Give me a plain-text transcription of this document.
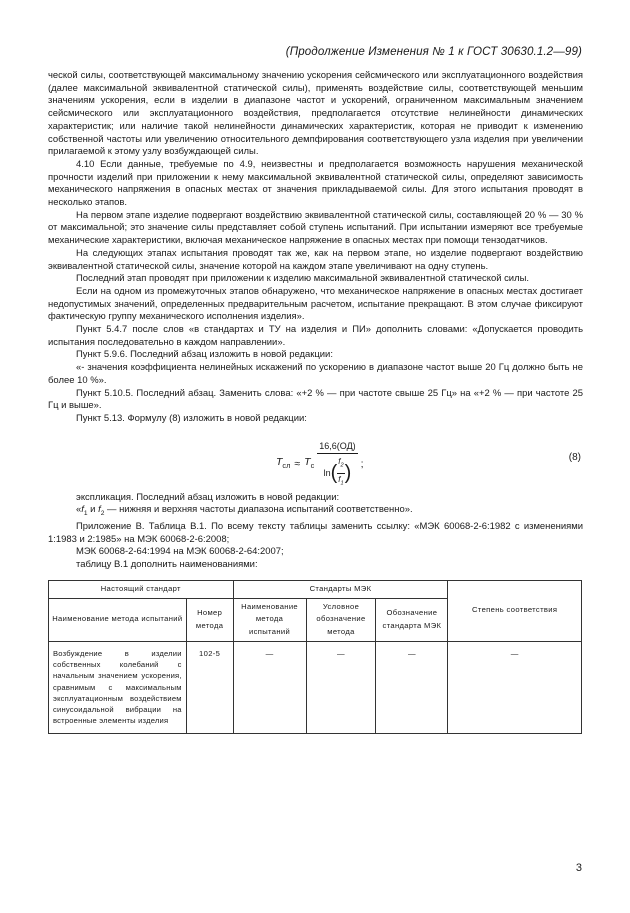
(Продолжение Изменения № 1 к ГОСТ 30630.1.2—99)

ческой силы, соответствующей максимальному значению ускорения сейсмического или эксплуатационного воздействия (далее максимальной эквивалентной статической силы), применять воздействие силы, соответствующей меньшим значениям ускорения, если в изделии в диапазоне частот и ускорений, ограниченном максимальным значением сейсмического или эксплуатационного воздействия, предполагается отсутствие нелинейности динамических характеристик; или наличие такой нелинейности динамических характеристик, которая не приводит к изменению собственной частоты или увеличению относительного демпфирования соответствующего узла изделия при увеличении прилагаемой к этому узлу возбуждающей силы.

4.10 Если данные, требуемые по 4.9, неизвестны и предполагается возможность нарушения механической прочности изделий при приложении к нему максимальной эквивалентной статической силы, определяют зависимость механического напряжения в опасных местах от значения прикладываемой силы. Для этого испытания проводят в несколько этапов.

На первом этапе изделие подвергают воздействию эквивалентной статической силы, составляющей 20 % — 30 % от максимальной; это значение силы представляет собой ступень испытаний. При испытании измеряют все требуемые механические характеристики, включая механическое напряжение в опасных местах при помощи тензодатчиков.

На следующих этапах испытания проводят так же, как на первом этапе, но изделие подвергают воздействию эквивалентной статической силы, значение которой на каждом этапе увеличивают на одну ступень.

Последний этап проводят при приложении к изделию максимальной эквивалентной статической силы.

Если на одном из промежуточных этапов обнаружено, что механическое напряжение в опасных местах достигает недопустимых значений, определенных предварительным расчетом, испытание прекращают. В этом случае фиксируют фактическую группу механического исполнения изделия».

Пункт 5.4.7 после слов «в стандартах и ТУ на изделия и ПИ» дополнить словами: «Допускается проводить испытания последовательно в каждом направлении».

Пункт 5.9.6. Последний абзац изложить в новой редакции:

«- значения коэффициента нелинейных искажений по ускорению в диапазоне частот выше 20 Гц должно быть не более 10 %».

Пункт 5.10.5. Последний абзац. Заменить слова: «+2 % — при частоте свыше 25 Гц» на «+2 % — при частоте 25 Гц и выше».

Пункт 5.13. Формулу (8) изложить в новой редакции:

$T_{сл} \approx T_c$
16,6(ОД)
ln ( $\frac{f_2}{f_1}$ ) ;
(8)

экспликация. Последний абзац изложить в новой редакции:

«$f_1$ и $f_2$ — нижняя и верхняя частоты диапазона испытаний соответственно».

Приложение В. Таблица В.1. По всему тексту таблицы заменить ссылку: «МЭК 60068-2-6:1982 с изменениями 1:1983 и 2:1985» на МЭК 60068-2-6:2008;

МЭК 60068-2-64:1994 на МЭК 60068-2-64:2007;

таблицу В.1 дополнить наименованиями:

Настоящий стандарт		Стандарты МЭК			Степень соответствия
Наименование метода испытаний	Номер метода	Наименование метода испытаний	Условное обозначение метода	Обозначение стандарта МЭК	
Возбуждение в изделии собственных колебаний с начальным значением ускорения, сравнимым с максимальным эксплуатационным воздействием синусоидальной вибрации на встроенные элементы изделия	102-5	—	—	—	—
3
